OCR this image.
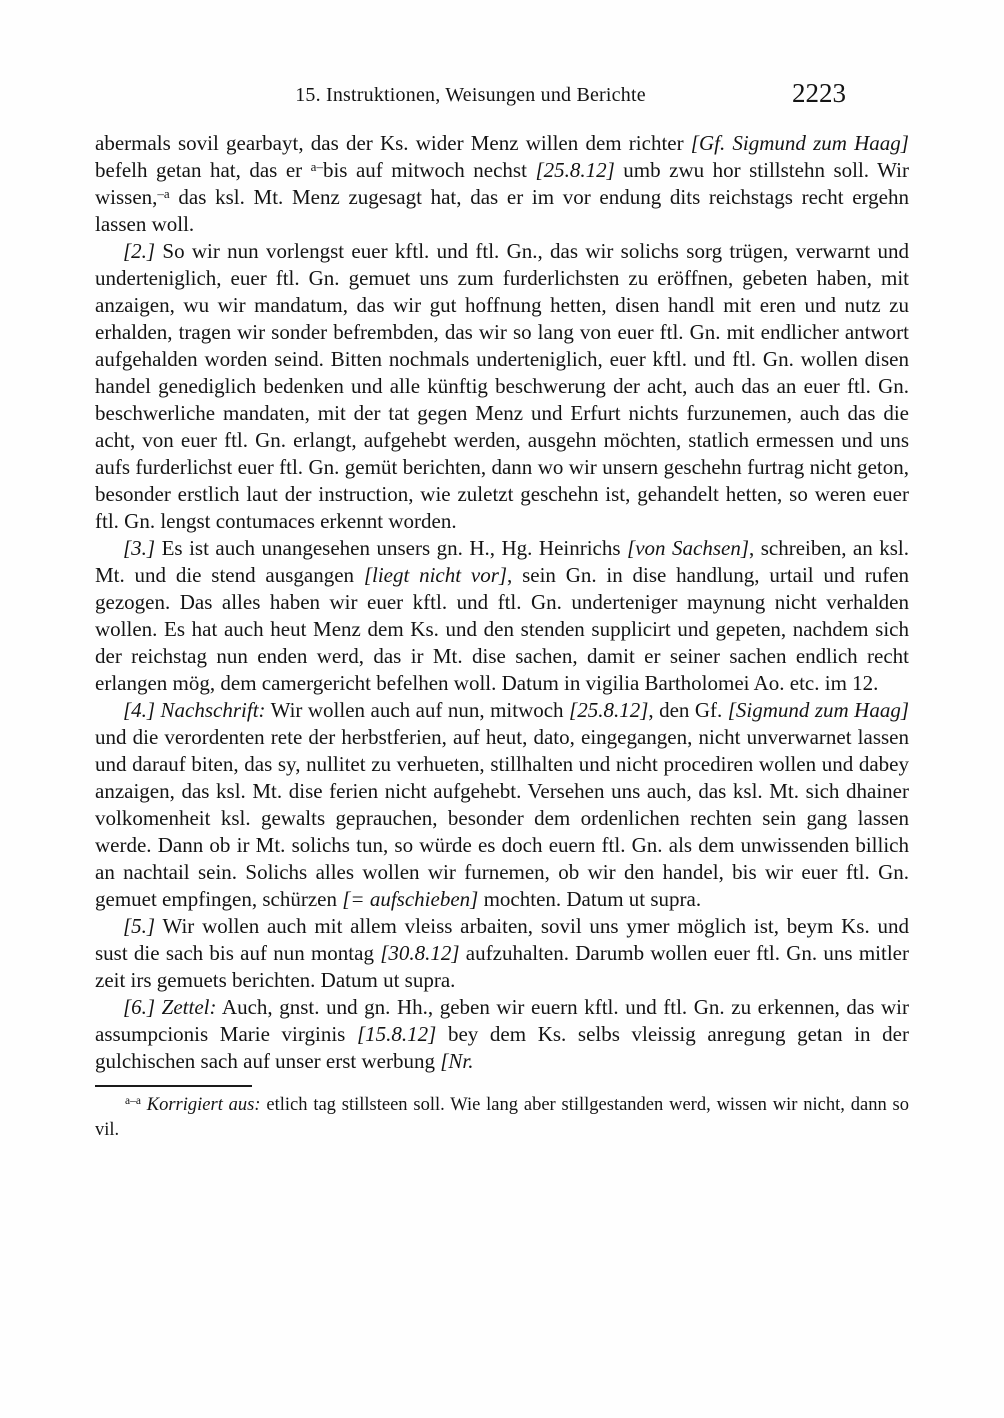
15. Instruktionen, Weisungen und Berichte	2223

abermals sovil gearbayt, das der Ks. wider Menz willen dem richter [Gf. Sigmund zum Haag] befelh getan hat, das er $^{a-}$bis auf mitwoch nechst [25.8.12] umb zwu hor stillstehn soll. Wir wissen,$^{-a}$ das ksl. Mt. Menz zugesagt hat, das er im vor endung dits reichstags recht ergehn lassen woll.

[2.] So wir nun vorlengst euer kftl. und ftl. Gn., das wir solichs sorg trügen, verwarnt und underteniglich, euer ftl. Gn. gemuet uns zum furderlichsten zu eröffnen, gebeten haben, mit anzaigen, wu wir mandatum, das wir gut hoffnung hetten, disen handl mit eren und nutz zu erhalden, tragen wir sonder befrembden, das wir so lang von euer ftl. Gn. mit endlicher antwort aufgehalden worden seind. Bitten nochmals underteniglich, euer kftl. und ftl. Gn. wollen disen handel genediglich bedenken und alle künftig beschwerung der acht, auch das an euer ftl. Gn. beschwerliche mandaten, mit der tat gegen Menz und Erfurt nichts furzunemen, auch das die acht, von euer ftl. Gn. erlangt, aufgehebt werden, ausgehn möchten, statlich ermessen und uns aufs furderlichst euer ftl. Gn. gemüt berichten, dann wo wir unsern geschehn furtrag nicht geton, besonder erstlich laut der instruction, wie zuletzt geschehn ist, gehandelt hetten, so weren euer ftl. Gn. lengst contumaces erkennt worden.

[3.] Es ist auch unangesehen unsers gn. H., Hg. Heinrichs [von Sachsen], schreiben, an ksl. Mt. und die stend ausgangen [liegt nicht vor], sein Gn. in dise handlung, urtail und rufen gezogen. Das alles haben wir euer kftl. und ftl. Gn. underteniger maynung nicht verhalden wollen. Es hat auch heut Menz dem Ks. und den stenden supplicirt und gepeten, nachdem sich der reichstag nun enden werd, das ir Mt. dise sachen, damit er seiner sachen endlich recht erlangen mög, dem camergericht befelhen woll. Datum in vigilia Bartholomei Ao. etc. im 12.

[4.] Nachschrift: Wir wollen auch auf nun, mitwoch [25.8.12], den Gf. [Sigmund zum Haag] und die verordenten rete der herbstferien, auf heut, dato, eingegangen, nicht unverwarnet lassen und darauf biten, das sy, nullitet zu verhueten, stillhalten und nicht procediren wollen und dabey anzaigen, das ksl. Mt. dise ferien nicht aufgehebt. Versehen uns auch, das ksl. Mt. sich dhainer volkomenheit ksl. gewalts geprauchen, besonder dem ordenlichen rechten sein gang lassen werde. Dann ob ir Mt. solichs tun, so würde es doch euern ftl. Gn. als dem unwissenden billich an nachtail sein. Solichs alles wollen wir furnemen, ob wir den handel, bis wir euer ftl. Gn. gemuet empfingen, schürzen [= aufschieben] mochten. Datum ut supra.

[5.] Wir wollen auch mit allem vleiss arbaiten, sovil uns ymer möglich ist, beym Ks. und sust die sach bis auf nun montag [30.8.12] aufzuhalten. Darumb wollen euer ftl. Gn. uns mitler zeit irs gemuets berichten. Datum ut supra.

[6.] Zettel: Auch, gnst. und gn. Hh., geben wir euern kftl. und ftl. Gn. zu erkennen, das wir assumpcionis Marie virginis [15.8.12] bey dem Ks. selbs vleissig anregung getan in der gulchischen sach auf unser erst werbung [Nr.

$^{a-a}$ Korrigiert aus: etlich tag stillsteen soll. Wie lang aber stillgestanden werd, wissen wir nicht, dann so vil.
